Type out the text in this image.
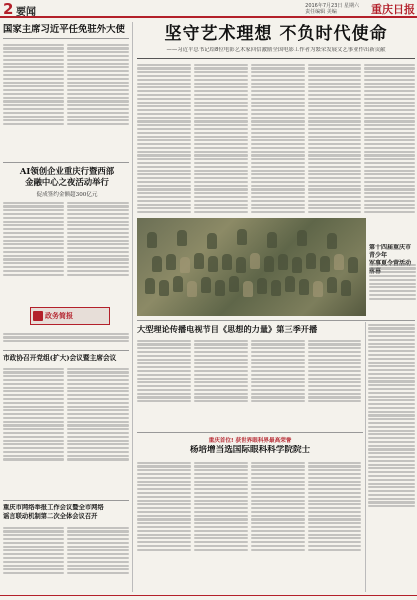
2 要闻
2016年7月23日 星期六
责任编辑 美编	重庆日报
国家主席习近平任免驻外大使
AI领创企业重庆行暨西部
金融中心之夜活动举行
促成签约金额超300亿元
政务简报
市政协召开党组(扩大)会议暨主席会议
重庆市网络举报工作会议暨全市网络
谣言联动机制第二次全体会议召开
坚守艺术理想 不负时代使命
——习近平总书记给8位电影艺术家回信激励全国电影工作者为繁荣发展文艺事业作出新贡献
第十四届重庆市青少年
大型理论传播电视节目《思想的力量》第三季开播
重庆首位! 获世界眼科界最高荣誉
杨培增当选国际眼科科学院院士
